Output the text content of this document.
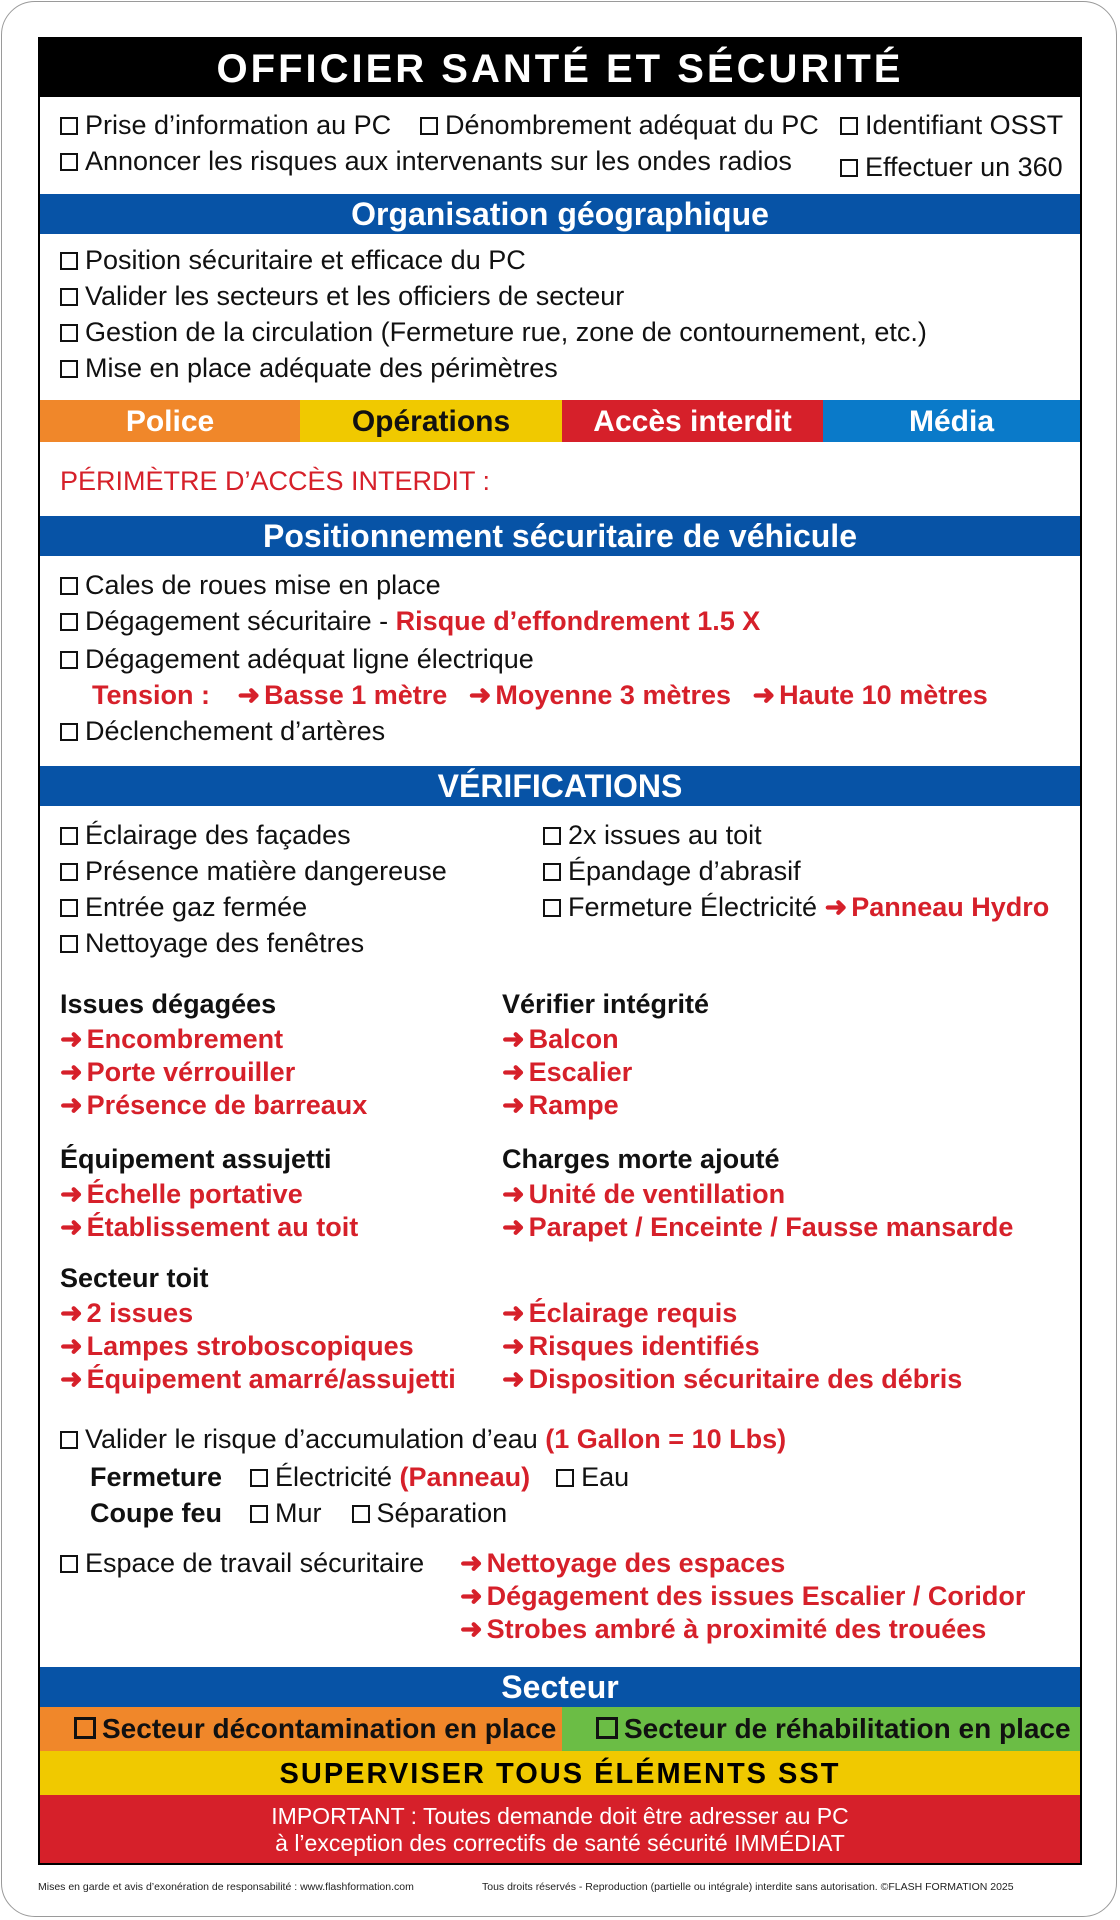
OFFICIER SANTÉ ET SÉCURITÉ
Prise d’information au PC	Dénombrement adéquat du PC	Identifiant OSST
Annoncer les risques aux intervenants sur les ondes radios	Effectuer un 360
Organisation géographique
Position sécuritaire et efficace du PC
Valider les secteurs et les officiers de secteur
Gestion de la circulation (Fermeture rue, zone de contournement, etc.)
Mise en place adéquate des périmètres
Police	Opérations	Accès interdit	Média
PÉRIMÈTRE D’ACCÈS INTERDIT :
Positionnement sécuritaire de véhicule
Cales de roues mise en place
Dégagement sécuritaire - Risque d’effondrement 1.5 X
Dégagement adéquat ligne électrique
Tension : ➜ Basse 1 mètre ➜ Moyenne 3 mètres ➜ Haute 10 mètres
Déclenchement d’artères
VÉRIFICATIONS
Éclairage des façades
Présence matière dangereuse
Entrée gaz fermée
Nettoyage des fenêtres
2x issues au toit
Épandage d’abrasif
Fermeture Électricité ➜ Panneau Hydro
Issues dégagées
➜ Encombrement
➜ Porte vérrouiller
➜ Présence de barreaux
Vérifier intégrité
➜ Balcon
➜ Escalier
➜ Rampe
Équipement assujetti
➜ Échelle portative
➜ Établissement au toit
Charges morte ajouté
➜ Unité de ventillation
➜ Parapet / Enceinte / Fausse mansarde
Secteur toit
➜ 2 issues
➜ Lampes stroboscopiques
➜ Équipement amarré/assujetti
➜ Éclairage requis
➜ Risques identifiés
➜ Disposition sécuritaire des débris
Valider le risque d’accumulation d’eau (1 Gallon = 10 Lbs)
Fermeture Électricité (Panneau) Eau
Coupe feu Mur Séparation
Espace de travail sécuritaire ➜ Nettoyage des espaces
➜ Dégagement des issues Escalier / Coridor
➜ Strobes ambré à proximité des trouées
Secteur
Secteur décontamination en place	Secteur de réhabilitation en place
SUPERVISER TOUS ÉLÉMENTS SST
IMPORTANT : Toutes demande doit être adresser au PC
à l’exception des correctifs de santé sécurité IMMÉDIAT
Mises en garde et avis d’exonération de responsabilité : www.flashformation.com	Tous droits réservés - Reproduction (partielle ou intégrale) interdite sans autorisation. ©FLASH FORMATION 2025
